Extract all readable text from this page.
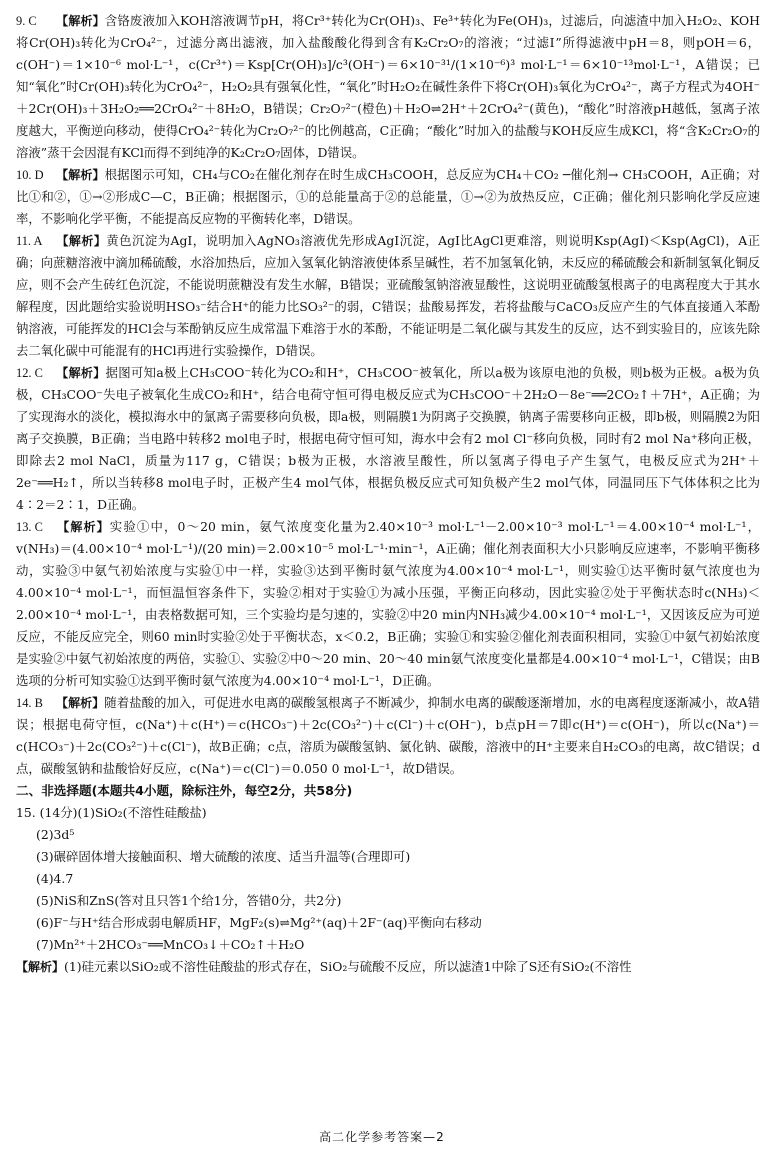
9. C 【解析】含铬废液加入KOH溶液调节pH，将Cr³⁺转化为Cr(OH)₃、Fe³⁺转化为Fe(OH)₃，过滤后，向滤渣中加入H₂O₂、KOH将Cr(OH)₃转化为CrO₄²⁻，过滤分离出滤液，加入盐酸酸化得到含有K₂Cr₂O₇的溶液；“过滤Ⅰ”所得滤液中pH＝8，则pOH＝6，c(OH⁻)＝1×10⁻⁶ mol·L⁻¹，c(Cr³⁺)＝Ksp[Cr(OH)₃]/c³(OH⁻)＝6×10⁻³¹/(1×10⁻⁶)³ mol·L⁻¹＝6×10⁻¹³mol·L⁻¹，A错误；已知“氧化”时Cr(OH)₃转化为CrO₄²⁻，H₂O₂具有强氧化性，“氧化”时H₂O₂在碱性条件下将Cr(OH)₃氧化为CrO₄²⁻，离子方程式为4OH⁻＋2Cr(OH)₃＋3H₂O₂══2CrO₄²⁻＋8H₂O，B错误；Cr₂O₇²⁻(橙色)＋H₂O⇌2H⁺＋2CrO₄²⁻(黄色)，“酸化”时溶液pH越低，氢离子浓度越大，平衡逆向移动，使得CrO₄²⁻转化为Cr₂O₇²⁻的比例越高，C正确；“酸化”时加入的盐酸与KOH反应生成KCl，将“含K₂Cr₂O₇的溶液”蒸干会因混有KCl而得不到纯净的K₂Cr₂O₇固体，D错误。

10. D 【解析】根据图示可知，CH₄与CO₂在催化剂存在时生成CH₃COOH，总反应为CH₄＋CO₂ ─催化剂→ CH₃COOH，A正确；对比①和②，①→②形成C—C，B正确；根据图示，①的总能量高于②的总能量，①→②为放热反应，C正确；催化剂只影响化学反应速率，不影响化学平衡，不能提高反应物的平衡转化率，D错误。

11. A 【解析】黄色沉淀为AgI，说明加入AgNO₃溶液优先形成AgI沉淀，AgI比AgCl更难溶，则说明Ksp(AgI)＜Ksp(AgCl)，A正确；向蔗糖溶液中滴加稀硫酸，水浴加热后，应加入氢氧化钠溶液使体系呈碱性，若不加氢氧化钠，未反应的稀硫酸会和新制氢氧化铜反应，则不会产生砖红色沉淀，不能说明蔗糖没有发生水解，B错误；亚硫酸氢钠溶液显酸性，这说明亚硫酸氢根离子的电离程度大于其水解程度，因此题给实验说明HSO₃⁻结合H⁺的能力比SO₃²⁻的弱，C错误；盐酸易挥发，若将盐酸与CaCO₃反应产生的气体直接通入苯酚钠溶液，可能挥发的HCl会与苯酚钠反应生成常温下难溶于水的苯酚，不能证明是二氧化碳与其发生的反应，达不到实验目的，应该先除去二氧化碳中可能混有的HCl再进行实验操作，D错误。

12. C 【解析】据图可知a极上CH₃COO⁻转化为CO₂和H⁺，CH₃COO⁻被氧化，所以a极为该原电池的负极，则b极为正极。a极为负极，CH₃COO⁻失电子被氧化生成CO₂和H⁺，结合电荷守恒可得电极反应式为CH₃COO⁻＋2H₂O－8e⁻══2CO₂↑＋7H⁺，A正确；为了实现海水的淡化，模拟海水中的氯离子需要移向负极，即a极，则隔膜1为阴离子交换膜，钠离子需要移向正极，即b极，则隔膜2为阳离子交换膜，B正确；当电路中转移2 mol电子时，根据电荷守恒可知，海水中会有2 mol Cl⁻移向负极，同时有2 mol Na⁺移向正极，即除去2 mol NaCl，质量为117 g，C错误；b极为正极，水溶液呈酸性，所以氢离子得电子产生氢气，电极反应式为2H⁺＋2e⁻══H₂↑，所以当转移8 mol电子时，正极产生4 mol气体，根据负极反应式可知负极产生2 mol气体，同温同压下气体体积之比为4∶2＝2∶1，D正确。

13. C 【解析】实验①中，0～20 min，氨气浓度变化量为2.40×10⁻³ mol·L⁻¹－2.00×10⁻³ mol·L⁻¹＝4.00×10⁻⁴ mol·L⁻¹，v(NH₃)＝(4.00×10⁻⁴ mol·L⁻¹)/(20 min)＝2.00×10⁻⁵ mol·L⁻¹·min⁻¹，A正确；催化剂表面积大小只影响反应速率，不影响平衡移动，实验③中氨气初始浓度与实验①中一样，实验③达到平衡时氨气浓度为4.00×10⁻⁴ mol·L⁻¹，则实验①达平衡时氨气浓度也为4.00×10⁻⁴ mol·L⁻¹，而恒温恒容条件下，实验②相对于实验①为减小压强，平衡正向移动，因此实验②处于平衡状态时c(NH₃)＜2.00×10⁻⁴ mol·L⁻¹，由表格数据可知，三个实验均是匀速的，实验②中20 min内NH₃减少4.00×10⁻⁴ mol·L⁻¹，又因该反应为可逆反应，不能反应完全，则60 min时实验②处于平衡状态，x＜0.2，B正确；实验①和实验②催化剂表面积相同，实验①中氨气初始浓度是实验②中氨气初始浓度的两倍，实验①、实验②中0～20 min、20～40 min氨气浓度变化量都是4.00×10⁻⁴ mol·L⁻¹，C错误；由B选项的分析可知实验①达到平衡时氨气浓度为4.00×10⁻⁴ mol·L⁻¹，D正确。

14. B 【解析】随着盐酸的加入，可促进水电离的碳酸氢根离子不断减少，抑制水电离的碳酸逐渐增加，水的电离程度逐渐减小，故A错误；根据电荷守恒，c(Na⁺)＋c(H⁺)＝c(HCO₃⁻)＋2c(CO₃²⁻)＋c(Cl⁻)＋c(OH⁻)，b点pH＝7即c(H⁺)＝c(OH⁻)，所以c(Na⁺)＝c(HCO₃⁻)＋2c(CO₃²⁻)＋c(Cl⁻)，故B正确；c点，溶质为碳酸氢钠、氯化钠、碳酸，溶液中的H⁺主要来自H₂CO₃的电离，故C错误；d点，碳酸氢钠和盐酸恰好反应，c(Na⁺)＝c(Cl⁻)＝0.050 0 mol·L⁻¹，故D错误。

二、非选择题(本题共4小题，除标注外，每空2分，共58分)

15. (14分)(1)SiO₂(不溶性硅酸盐)

(2)3d⁵

(3)碾碎固体增大接触面积、增大硫酸的浓度、适当升温等(合理即可)

(4)4.7

(5)NiS和ZnS(答对且只答1个给1分，答错0分，共2分)

(6)F⁻与H⁺结合形成弱电解质HF，MgF₂(s)⇌Mg²⁺(aq)＋2F⁻(aq)平衡向右移动

(7)Mn²⁺＋2HCO₃⁻══MnCO₃↓＋CO₂↑＋H₂O

【解析】(1)硅元素以SiO₂或不溶性硅酸盐的形式存在，SiO₂与硫酸不反应，所以滤渣1中除了S还有SiO₂(不溶性

高二化学参考答案—2
